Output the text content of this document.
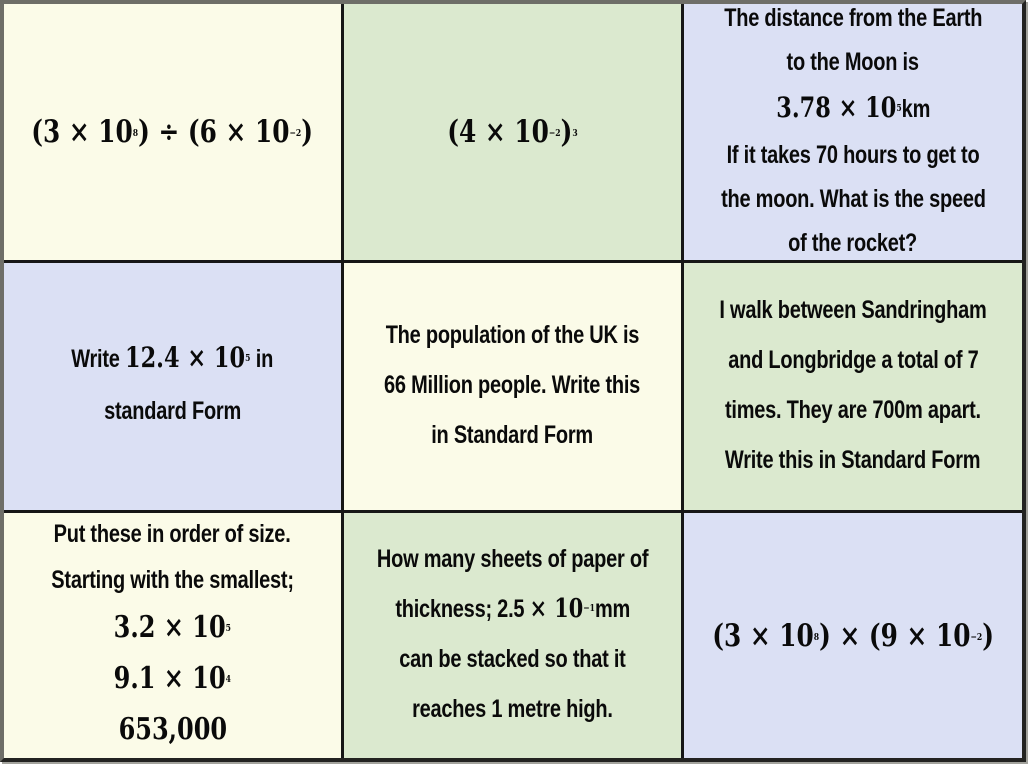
$(3 \times 10^8) \div (6 \times 10^{-2})$	$(4 \times 10^{-2})^3$
The distance from the Earth
to the Moon is
$3.78 \times 10^5km$
If it takes 70 hours to get to
the moon. What is the speed
of the rocket?
Write $12.4 \times 10^5$ in
standard Form
The population of the UK is
66 Million people. Write this
in Standard Form
I walk between Sandringham
and Longbridge a total of 7
times. They are 700m apart.
Write this in Standard Form
Put these in order of size.
Starting with the smallest;
$3.2 \times 10^5$
$9.1 \times 10^4$
653,000
How many sheets of paper of
thickness; $2.5 \times 10^{-1}mm$
can be stacked so that it
reaches 1 metre high.
$(3 \times 10^8) \times (9 \times 10^{-2})$
